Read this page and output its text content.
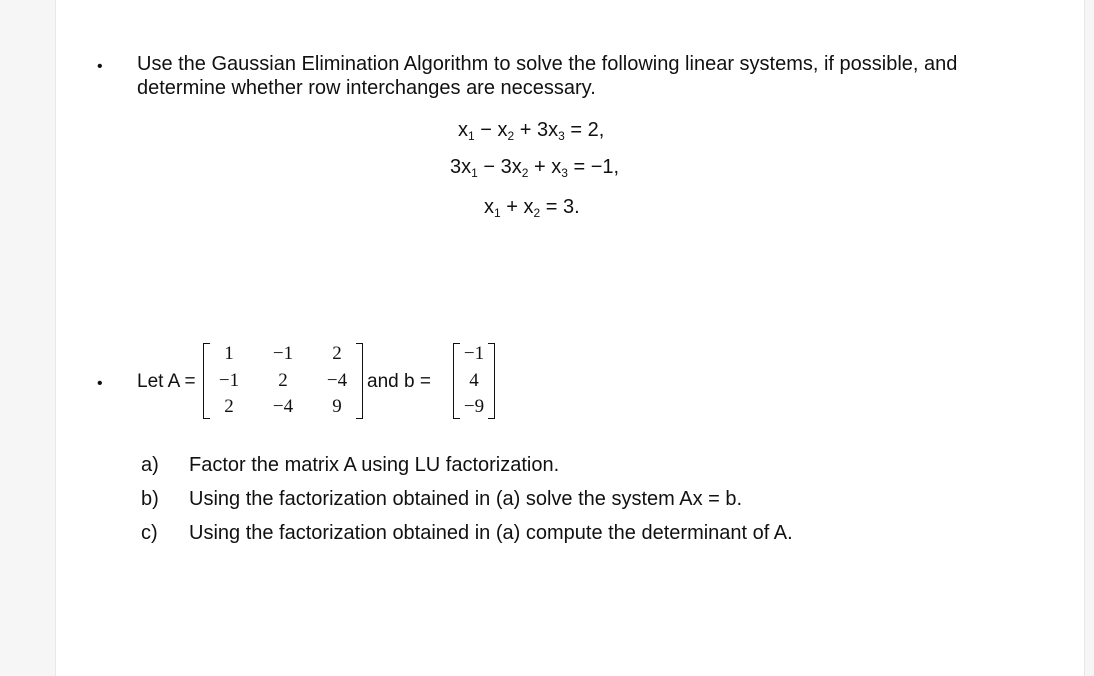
• Use the Gaussian Elimination Algorithm to solve the following linear systems, if possible, and determine whether row interchanges are necessary.
$x_1 - x_2 + 3x_3 = 2$,
$3x_1 - 3x_2 + x_3 = -1$,
$x_1 + x_2 = 3$.
• Let A =
1	−1	2
−1	2	−4
2	−4	9
and b =
−1
4
−9
a) Factor the matrix A using LU factorization.
b) Using the factorization obtained in (a) solve the system Ax = b.
c) Using the factorization obtained in (a) compute the determinant of A.
